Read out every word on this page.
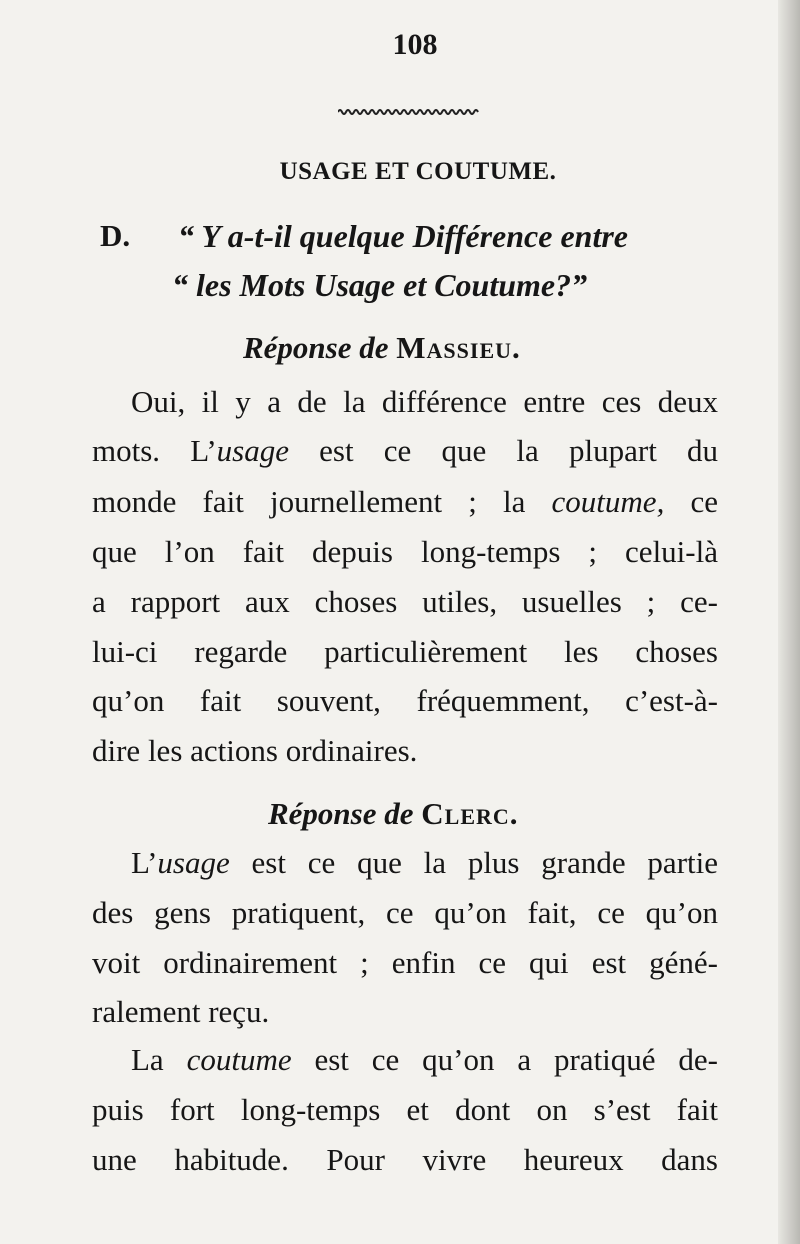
108
USAGE ET COUTUME.
D. “ Y a-t-il quelque Différence entre
“ les Mots Usage et Coutume?”
Réponse de Massieu.
Oui, il y a de la différence entre ces deux
mots. L’usage est ce que la plupart du
monde fait journellement ; la coutume, ce
que l’on fait depuis long-temps ; celui-là
a rapport aux choses utiles, usuelles ; ce-
lui-ci regarde particulièrement les choses
qu’on fait souvent, fréquemment, c’est-à-
dire les actions ordinaires.
Réponse de Clerc.
L’usage est ce que la plus grande partie
des gens pratiquent, ce qu’on fait, ce qu’on
voit ordinairement ; enfin ce qui est géné-
ralement reçu.
La coutume est ce qu’on a pratiqué de-
puis fort long-temps et dont on s’est fait
une habitude. Pour vivre heureux dans
